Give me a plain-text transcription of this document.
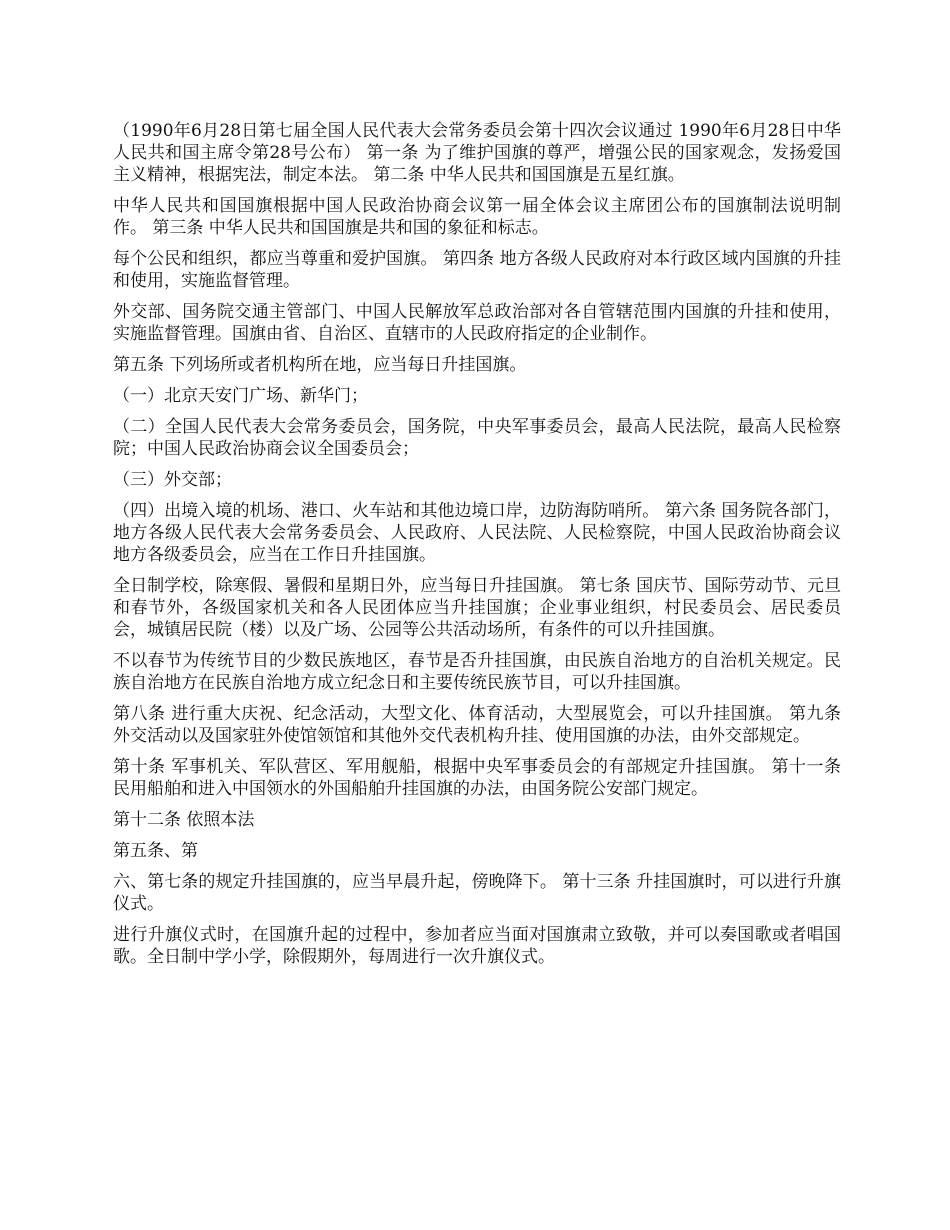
（1990年6月28日第七届全国人民代表大会常务委员会第十四次会议通过 1990年6月28日中华人民共和国主席令第28号公布） 第一条 为了维护国旗的尊严，增强公民的国家观念，发扬爱国主义精神，根据宪法，制定本法。 第二条 中华人民共和国国旗是五星红旗。

中华人民共和国国旗根据中国人民政治协商会议第一届全体会议主席团公布的国旗制法说明制作。 第三条 中华人民共和国国旗是共和国的象征和标志。

每个公民和组织，都应当尊重和爱护国旗。 第四条 地方各级人民政府对本行政区域内国旗的升挂和使用，实施监督管理。

外交部、国务院交通主管部门、中国人民解放军总政治部对各自管辖范围内国旗的升挂和使用，实施监督管理。国旗由省、自治区、直辖市的人民政府指定的企业制作。

第五条 下列场所或者机构所在地，应当每日升挂国旗。

（一）北京天安门广场、新华门；

（二）全国人民代表大会常务委员会，国务院，中央军事委员会，最高人民法院，最高人民检察院；中国人民政治协商会议全国委员会；

（三）外交部；

（四）出境入境的机场、港口、火车站和其他边境口岸，边防海防哨所。 第六条 国务院各部门，地方各级人民代表大会常务委员会、人民政府、人民法院、人民检察院，中国人民政治协商会议地方各级委员会，应当在工作日升挂国旗。

全日制学校，除寒假、暑假和星期日外，应当每日升挂国旗。 第七条 国庆节、国际劳动节、元旦和春节外，各级国家机关和各人民团体应当升挂国旗；企业事业组织，村民委员会、居民委员会，城镇居民院（楼）以及广场、公园等公共活动场所，有条件的可以升挂国旗。

不以春节为传统节目的少数民族地区，春节是否升挂国旗，由民族自治地方的自治机关规定。民族自治地方在民族自治地方成立纪念日和主要传统民族节目，可以升挂国旗。

第八条 进行重大庆祝、纪念活动，大型文化、体育活动，大型展览会，可以升挂国旗。 第九条 外交活动以及国家驻外使馆领馆和其他外交代表机构升挂、使用国旗的办法，由外交部规定。

第十条 军事机关、军队营区、军用舰船，根据中央军事委员会的有部规定升挂国旗。 第十一条 民用船舶和进入中国领水的外国船舶升挂国旗的办法，由国务院公安部门规定。

第十二条 依照本法

第五条、第

六、第七条的规定升挂国旗的，应当早晨升起，傍晚降下。 第十三条 升挂国旗时，可以进行升旗仪式。

进行升旗仪式时，在国旗升起的过程中，参加者应当面对国旗肃立致敬，并可以奏国歌或者唱国歌。全日制中学小学，除假期外，每周进行一次升旗仪式。
